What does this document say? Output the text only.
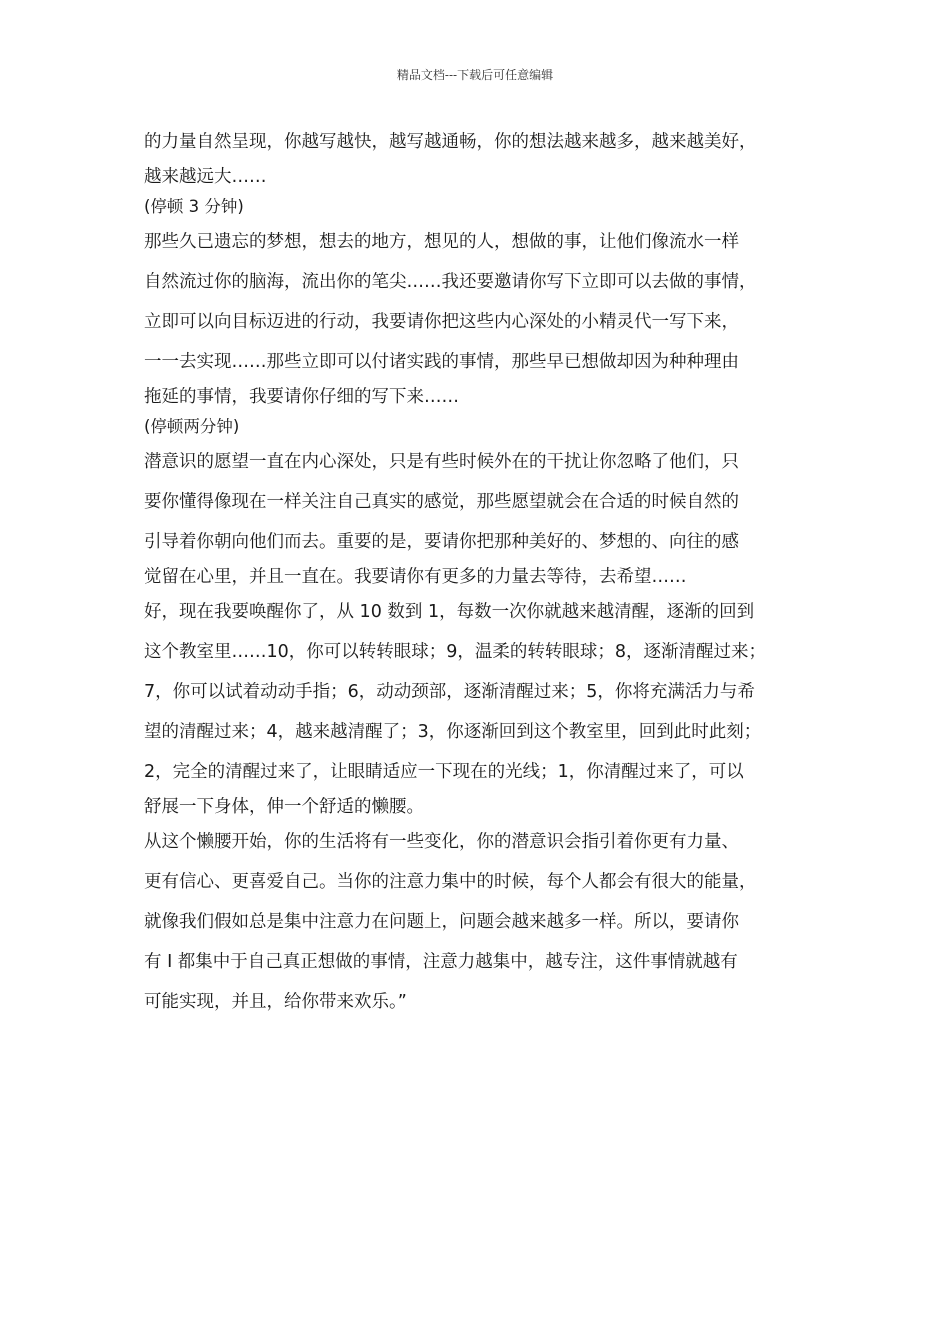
精品文档---下载后可任意编辑
的力量自然呈现，你越写越快，越写越通畅，你的想法越来越多，越来越美好，
越来越远大……
(停顿 3 分钟)
那些久已遗忘的梦想，想去的地方，想见的人，想做的事，让他们像流水一样
自然流过你的脑海，流出你的笔尖……我还要邀请你写下立即可以去做的事情，
立即可以向目标迈进的行动，我要请你把这些内心深处的小精灵代一写下来，
一一去实现……那些立即可以付诸实践的事情，那些早已想做却因为种种理由
拖延的事情，我要请你仔细的写下来……
(停顿两分钟)
潜意识的愿望一直在内心深处，只是有些时候外在的干扰让你忽略了他们，只
要你懂得像现在一样关注自己真实的感觉，那些愿望就会在合适的时候自然的
引导着你朝向他们而去。重要的是，要请你把那种美好的、梦想的、向往的感
觉留在心里，并且一直在。我要请你有更多的力量去等待，去希望……
好，现在我要唤醒你了，从 10 数到 1，每数一次你就越来越清醒，逐渐的回到
这个教室里……10，你可以转转眼球；9，温柔的转转眼球；8，逐渐清醒过来；
7，你可以试着动动手指；6，动动颈部，逐渐清醒过来；5，你将充满活力与希
望的清醒过来；4，越来越清醒了；3，你逐渐回到这个教室里，回到此时此刻；
2，完全的清醒过来了，让眼睛适应一下现在的光线；1，你清醒过来了，可以
舒展一下身体，伸一个舒适的懒腰。
从这个懒腰开始，你的生活将有一些变化，你的潜意识会指引着你更有力量、
更有信心、更喜爱自己。当你的注意力集中的时候，每个人都会有很大的能量，
就像我们假如总是集中注意力在问题上，问题会越来越多一样。所以，要请你
有 I 都集中于自己真正想做的事情，注意力越集中，越专注，这件事情就越有
可能实现，并且，给你带来欢乐。”
